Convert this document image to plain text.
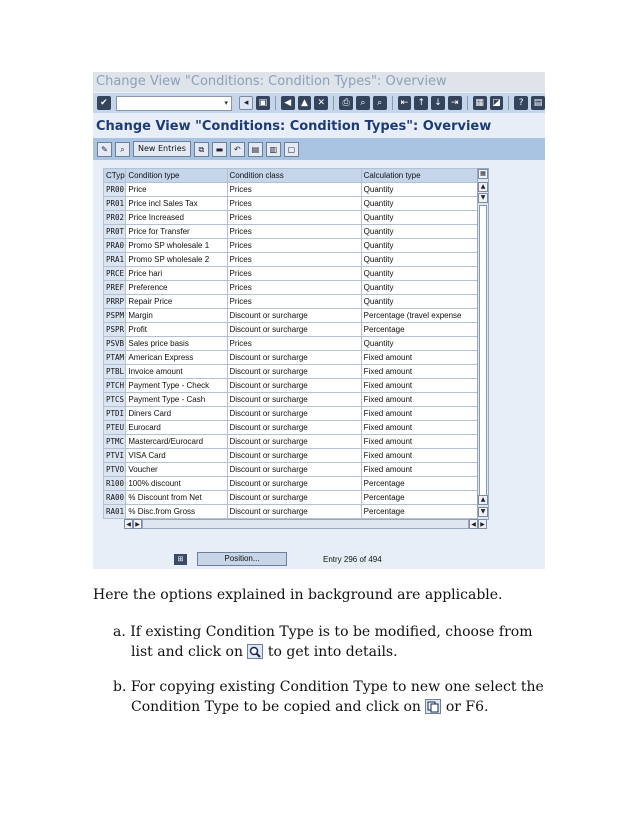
Change View "Conditions: Condition Types": Overview
✔	▾	◂	▣	◀	▲	✕	⎙	⌕	⌕	⇤	↑	↓	⇥	▦ ◪	?	▤
Change View "Conditions: Condition Types": Overview
✎	⌕	New Entries	⧉	▬	↶	▤	▥	▢
CTyp	Condition type	Condition class	Calculation type
PR00	Price	Prices	Quantity
PR01	Price incl Sales Tax	Prices	Quantity
PR02	Price Increased	Prices	Quantity
PR0T	Price for Transfer	Prices	Quantity
PRA0	Promo SP wholesale 1	Prices	Quantity
PRA1	Promo SP wholesale 2	Prices	Quantity
PRCE	Price hari	Prices	Quantity
PREF	Preference	Prices	Quantity
PRRP	Repair Price	Prices	Quantity
PSPM	Margin	Discount or surcharge	Percentage (travel expense
PSPR	Profit	Discount or surcharge	Percentage
PSVB	Sales price basis	Prices	Quantity
PTAM	American Express	Discount or surcharge	Fixed amount
PTBL	Invoice amount	Discount or surcharge	Fixed amount
PTCH	Payment Type - Check	Discount or surcharge	Fixed amount
PTCS	Payment Type - Cash	Discount or surcharge	Fixed amount
PTDI	Diners Card	Discount or surcharge	Fixed amount
PTEU	Eurocard	Discount or surcharge	Fixed amount
PTMC	Mastercard/Eurocard	Discount or surcharge	Fixed amount
PTVI	VISA Card	Discount or surcharge	Fixed amount
PTVO	Voucher	Discount or surcharge	Fixed amount
R100	100% discount	Discount or surcharge	Percentage
RA00	% Discount from Net	Discount or surcharge	Percentage
RA01	% Disc.from Gross	Discount or surcharge	Percentage
▦
▲
▼
▲
▼
◀ ▶	◀ ▶
⊞	Position...	Entry 296 of 494
Here the options explained in background are applicable.
a. If existing Condition Type is to be modified, choose from
list and click on to get into details.
b. For copying existing Condition Type to new one select the
Condition Type to be copied and click on or F6.
